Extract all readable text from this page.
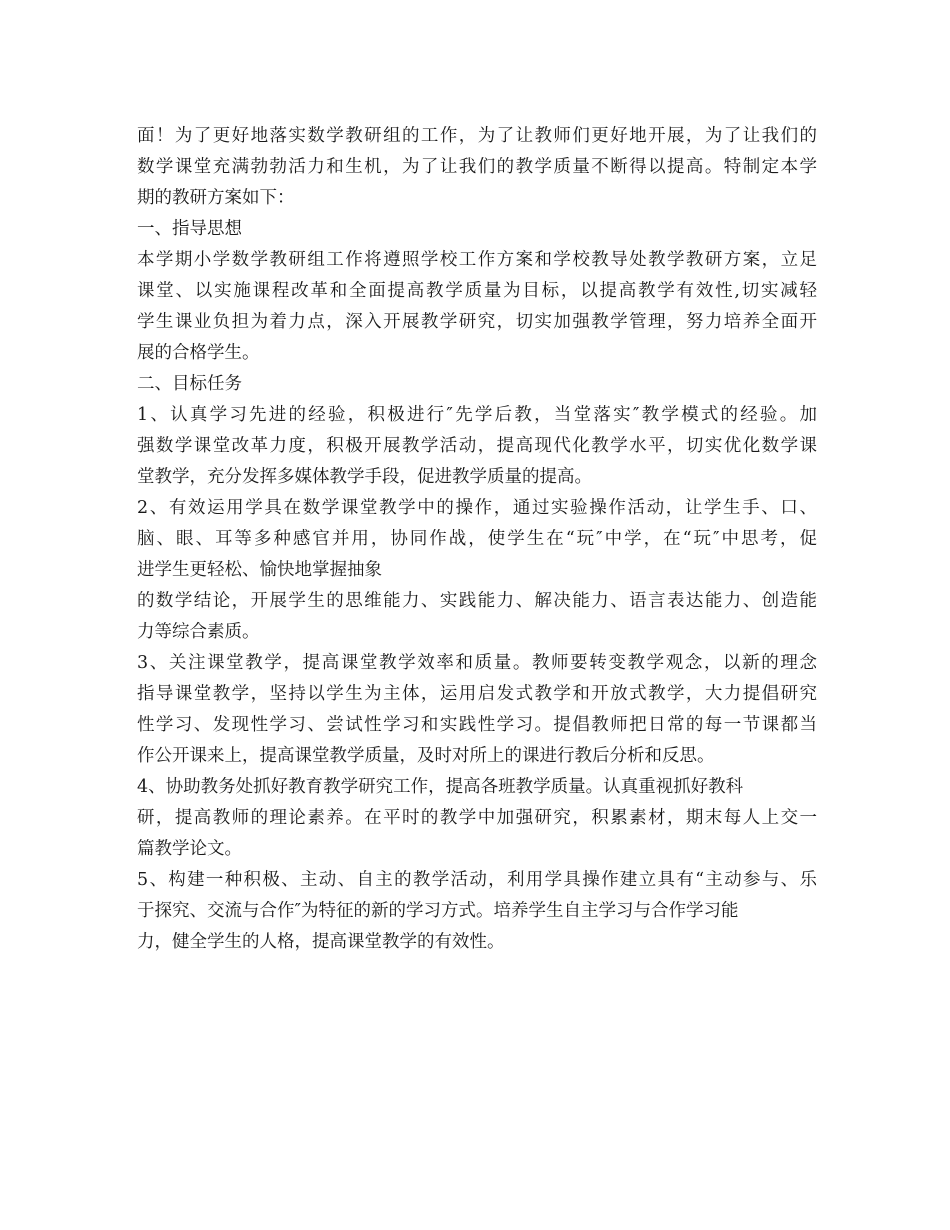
面！为了更好地落实数学教研组的工作，为了让教师们更好地开展，为了让我们的
数学课堂充满勃勃活力和生机，为了让我们的教学质量不断得以提高。特制定本学
期的教研方案如下：
一、指导思想
本学期小学数学教研组工作将遵照学校工作方案和学校教导处教学教研方案，立足
课堂、以实施课程改革和全面提高教学质量为目标，以提高教学有效性,切实减轻
学生课业负担为着力点，深入开展教学研究，切实加强教学管理，努力培养全面开
展的合格学生。
二、目标任务
1、认真学习先进的经验，积极进行″先学后教，当堂落实″教学模式的经验。加
强数学课堂改革力度，积极开展教学活动，提高现代化教学水平，切实优化数学课
堂教学，充分发挥多媒体教学手段，促进教学质量的提高。
2、有效运用学具在数学课堂教学中的操作，通过实验操作活动，让学生手、口、
脑、眼、耳等多种感官并用，协同作战，使学生在“玩″中学，在“玩″中思考，促
进学生更轻松、愉快地掌握抽象
的数学结论，开展学生的思维能力、实践能力、解决能力、语言表达能力、创造能
力等综合素质。
3、关注课堂教学，提高课堂教学效率和质量。教师要转变教学观念，以新的理念
指导课堂教学，坚持以学生为主体，运用启发式教学和开放式教学，大力提倡研究
性学习、发现性学习、尝试性学习和实践性学习。提倡教师把日常的每一节课都当
作公开课来上，提高课堂教学质量，及时对所上的课进行教后分析和反思。
4、协助教务处抓好教育教学研究工作，提高各班教学质量。认真重视抓好教科
研，提高教师的理论素养。在平时的教学中加强研究，积累素材，期末每人上交一
篇教学论文。
5、构建一种积极、主动、自主的教学活动，利用学具操作建立具有“主动参与、乐
于探究、交流与合作″为特征的新的学习方式。培养学生自主学习与合作学习能
力，健全学生的人格，提高课堂教学的有效性。
